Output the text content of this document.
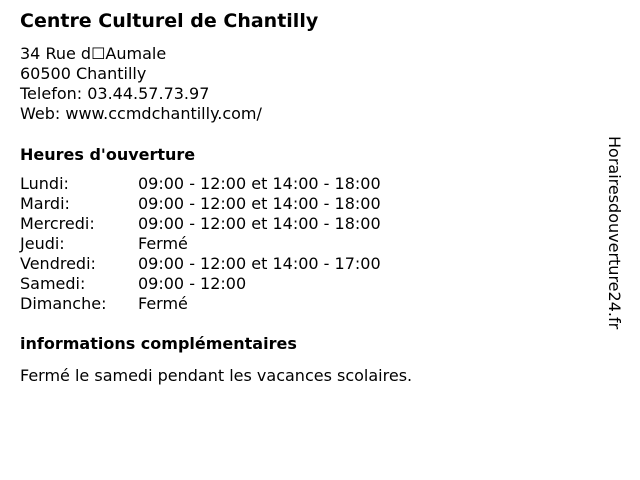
Centre Culturel de Chantilly
34 Rue d☐Aumale
60500 Chantilly
Telefon: 03.44.57.73.97
Web: www.ccmdchantilly.com/
Heures d'ouverture
Lundi:	09:00 - 12:00 et 14:00 - 18:00
Mardi:	09:00 - 12:00 et 14:00 - 18:00
Mercredi:	09:00 - 12:00 et 14:00 - 18:00
Jeudi:	Fermé
Vendredi:	09:00 - 12:00 et 14:00 - 17:00
Samedi:	09:00 - 12:00
Dimanche:	Fermé
informations complémentaires
Fermé le samedi pendant les vacances scolaires.
Horairesdouverture24.fr
